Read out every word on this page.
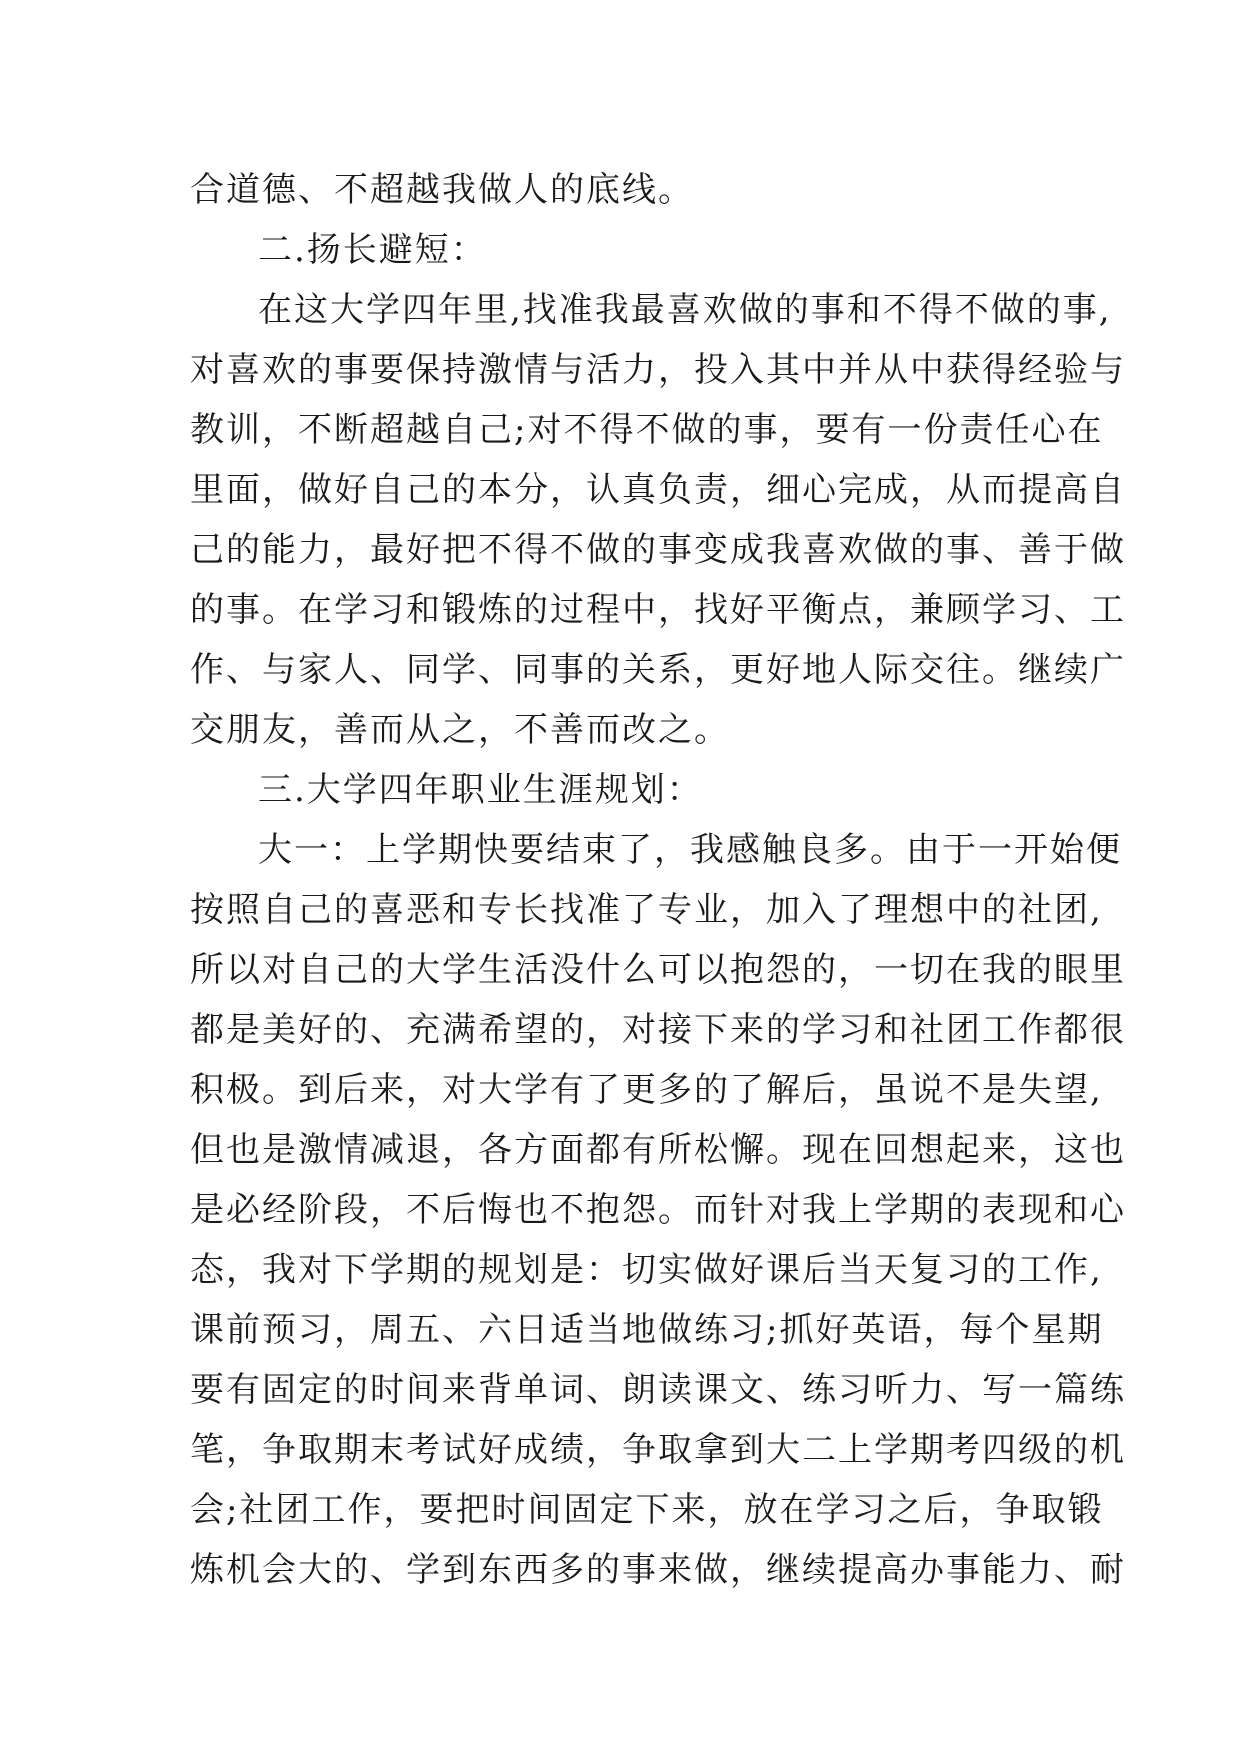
合道德、不超越我做人的底线。
二.扬长避短：
在这大学四年里,找准我最喜欢做的事和不得不做的事,
对喜欢的事要保持激情与活力，投入其中并从中获得经验与
教训，不断超越自己;对不得不做的事，要有一份责任心在
里面，做好自己的本分，认真负责，细心完成，从而提高自
己的能力，最好把不得不做的事变成我喜欢做的事、善于做
的事。在学习和锻炼的过程中，找好平衡点，兼顾学习、工
作、与家人、同学、同事的关系，更好地人际交往。继续广
交朋友，善而从之，不善而改之。
三.大学四年职业生涯规划：
大一：上学期快要结束了，我感触良多。由于一开始便
按照自己的喜恶和专长找准了专业，加入了理想中的社团,
所以对自己的大学生活没什么可以抱怨的，一切在我的眼里
都是美好的、充满希望的，对接下来的学习和社团工作都很
积极。到后来，对大学有了更多的了解后，虽说不是失望,
但也是激情减退，各方面都有所松懈。现在回想起来，这也
是必经阶段，不后悔也不抱怨。而针对我上学期的表现和心
态，我对下学期的规划是：切实做好课后当天复习的工作,
课前预习，周五、六日适当地做练习;抓好英语，每个星期
要有固定的时间来背单词、朗读课文、练习听力、写一篇练
笔，争取期末考试好成绩，争取拿到大二上学期考四级的机
会;社团工作，要把时间固定下来，放在学习之后，争取锻
炼机会大的、学到东西多的事来做，继续提高办事能力、耐
